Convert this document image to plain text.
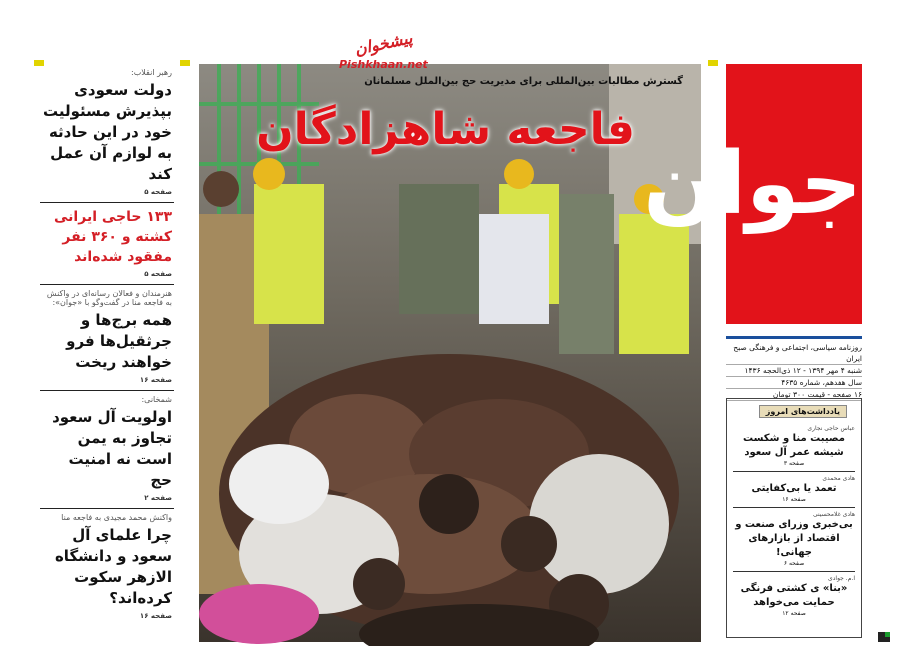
رهبر انقلاب:
دولت سعودی بپذیرش مسئولیت خود در این حادثه به لوازم آن عمل کند
صفحه ۵
۱۳۳ حاجی ایرانی کشته و ۳۶۰ نفر مفقود شده‌اند
صفحه ۵
هنرمندان و فعالان رسانه‌ای در واکنش به فاجعه منا در گفت‌وگو با «جوان»:
همه برج‌ها و جرثقیل‌ها فرو خواهند ریخت
صفحه ۱۶
شمخانی:
اولویت آل سعود تجاوز به یمن است نه امنیت حج
صفحه ۲
واکنش محمد مجیدی به فاجعه منا
چرا علمای آل سعود و دانشگاه الازهر سکوت کرده‌اند؟
صفحه ۱۶
پیشخوان
Pishkhaan.net
گسترش مطالبات بین‌المللی برای مدیریت حج بین‌الملل مسلمانان
فاجعه شاهزادگان
جوان
روزنامه سیاسی، اجتماعی و فرهنگی صبح ایران
شنبه ۴ مهر ۱۳۹۴ - ۱۲ ذی‌الحجه ۱۴۳۶
سال هفدهم، شماره ۴۶۳۵
۱۶ صفحه - قیمت ۳۰۰ تومان
یادداشت‌های امروز
عباس حاجی نجاری
مصیبت منا و شکست شیشه عمر آل سعود
صفحه ۳
هادی محمدی
تعمد یا بی‌کفایتی
صفحه ۱۶
هادی غلامحسینی
بی‌خبری وزرای صنعت و اقتصاد از بازارهای جهانی!
صفحه ۶
ا.م. جوادی
«بنا» ی کشتی فرنگی حمایت می‌خواهد
صفحه ۱۲
